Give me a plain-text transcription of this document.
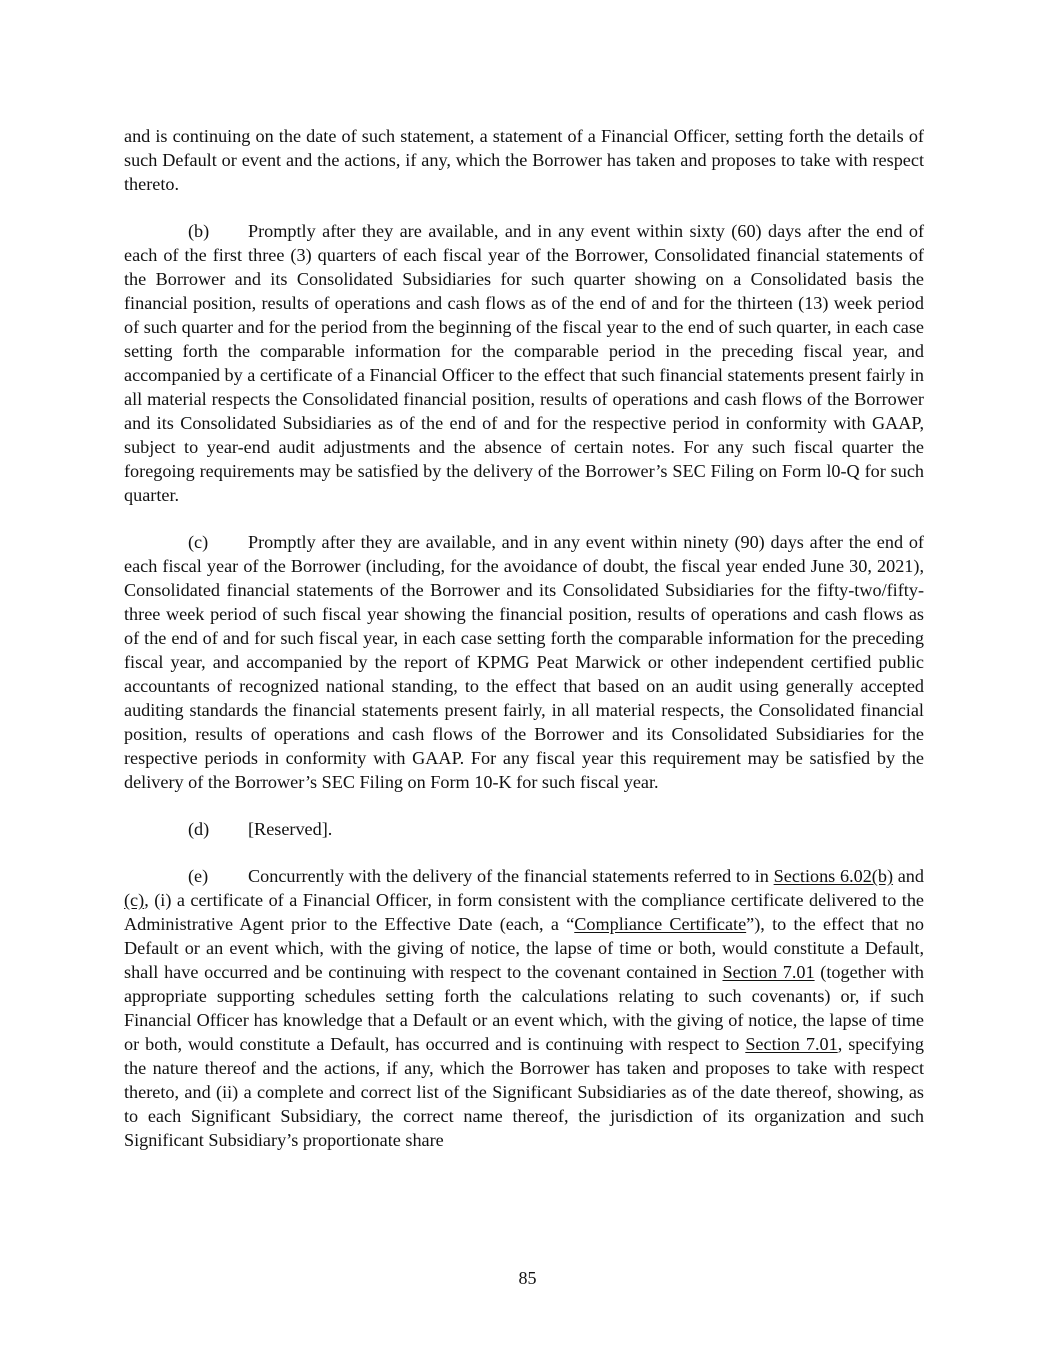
and is continuing on the date of such statement, a statement of a Financial Officer, setting forth the details of such Default or event and the actions, if any, which the Borrower has taken and proposes to take with respect thereto.

(b) Promptly after they are available, and in any event within sixty (60) days after the end of each of the first three (3) quarters of each fiscal year of the Borrower, Consolidated financial statements of the Borrower and its Consolidated Subsidiaries for such quarter showing on a Consolidated basis the financial position, results of operations and cash flows as of the end of and for the thirteen (13) week period of such quarter and for the period from the beginning of the fiscal year to the end of such quarter, in each case setting forth the comparable information for the comparable period in the preceding fiscal year, and accompanied by a certificate of a Financial Officer to the effect that such financial statements present fairly in all material respects the Consolidated financial position, results of operations and cash flows of the Borrower and its Consolidated Subsidiaries as of the end of and for the respective period in conformity with GAAP, subject to year-end audit adjustments and the absence of certain notes. For any such fiscal quarter the foregoing requirements may be satisfied by the delivery of the Borrower’s SEC Filing on Form l0-Q for such quarter.

(c) Promptly after they are available, and in any event within ninety (90) days after the end of each fiscal year of the Borrower (including, for the avoidance of doubt, the fiscal year ended June 30, 2021), Consolidated financial statements of the Borrower and its Consolidated Subsidiaries for the fifty-two/fifty-three week period of such fiscal year showing the financial position, results of operations and cash flows as of the end of and for such fiscal year, in each case setting forth the comparable information for the preceding fiscal year, and accompanied by the report of KPMG Peat Marwick or other independent certified public accountants of recognized national standing, to the effect that based on an audit using generally accepted auditing standards the financial statements present fairly, in all material respects, the Consolidated financial position, results of operations and cash flows of the Borrower and its Consolidated Subsidiaries for the respective periods in conformity with GAAP. For any fiscal year this requirement may be satisfied by the delivery of the Borrower’s SEC Filing on Form 10-K for such fiscal year.

(d) [Reserved].

(e) Concurrently with the delivery of the financial statements referred to in Sections 6.02(b) and (c), (i) a certificate of a Financial Officer, in form consistent with the compliance certificate delivered to the Administrative Agent prior to the Effective Date (each, a “Compliance Certificate”), to the effect that no Default or an event which, with the giving of notice, the lapse of time or both, would constitute a Default, shall have occurred and be continuing with respect to the covenant contained in Section 7.01 (together with appropriate supporting schedules setting forth the calculations relating to such covenants) or, if such Financial Officer has knowledge that a Default or an event which, with the giving of notice, the lapse of time or both, would constitute a Default, has occurred and is continuing with respect to Section 7.01, specifying the nature thereof and the actions, if any, which the Borrower has taken and proposes to take with respect thereto, and (ii) a complete and correct list of the Significant Subsidiaries as of the date thereof, showing, as to each Significant Subsidiary, the correct name thereof, the jurisdiction of its organization and such Significant Subsidiary’s proportionate share

85
